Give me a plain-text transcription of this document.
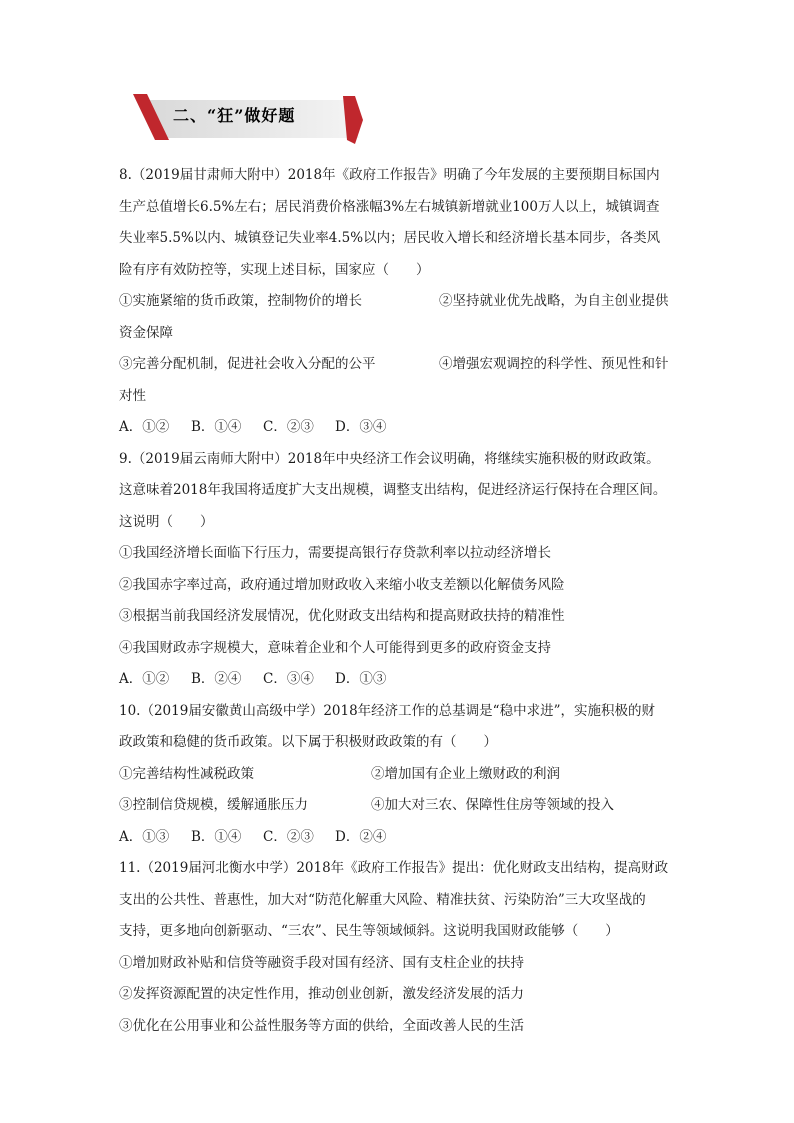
二、“狂”做好题
8.（2019届甘肃师大附中）2018年《政府工作报告》明确了今年发展的主要预期目标国内
生产总值增长6.5%左右；居民消费价格涨幅3%左右城镇新增就业100万人以上，城镇调查
失业率5.5%以内、城镇登记失业率4.5%以内；居民收入增长和经济增长基本同步，各类风
险有序有效防控等，实现上述目标，国家应（　　）
①实施紧缩的货币政策，控制物价的增长	②坚持就业优先战略，为自主创业提供
资金保障
③完善分配机制，促进社会收入分配的公平	④增强宏观调控的科学性、预见性和针
对性
A．①②	B．①④	C．②③	D．③④
9.（2019届云南师大附中）2018年中央经济工作会议明确，将继续实施积极的财政政策。
这意味着2018年我国将适度扩大支出规模，调整支出结构，促进经济运行保持在合理区间。
这说明（　　）
①我国经济增长面临下行压力，需要提高银行存贷款利率以拉动经济增长
②我国赤字率过高，政府通过增加财政收入来缩小收支差额以化解债务风险
③根据当前我国经济发展情况，优化财政支出结构和提高财政扶持的精准性
④我国财政赤字规模大，意味着企业和个人可能得到更多的政府资金支持
A．①②	B．②④	C．③④	D．①③
10.（2019届安徽黄山高级中学）2018年经济工作的总基调是“稳中求进”，实施积极的财
政政策和稳健的货币政策。以下属于积极财政政策的有（　　）
①完善结构性减税政策	②增加国有企业上缴财政的利润
③控制信贷规模，缓解通胀压力	④加大对三农、保障性住房等领域的投入
A．①③	B．①④	C．②③	D．②④
11.（2019届河北衡水中学）2018年《政府工作报告》提出：优化财政支出结构，提高财政
支出的公共性、普惠性，加大对“防范化解重大风险、精准扶贫、污染防治”三大攻坚战的
支持，更多地向创新驱动、“三农”、民生等领域倾斜。这说明我国财政能够（　　）
①增加财政补贴和信贷等融资手段对国有经济、国有支柱企业的扶持
②发挥资源配置的决定性作用，推动创业创新，激发经济发展的活力
③优化在公用事业和公益性服务等方面的供给，全面改善人民的生活
